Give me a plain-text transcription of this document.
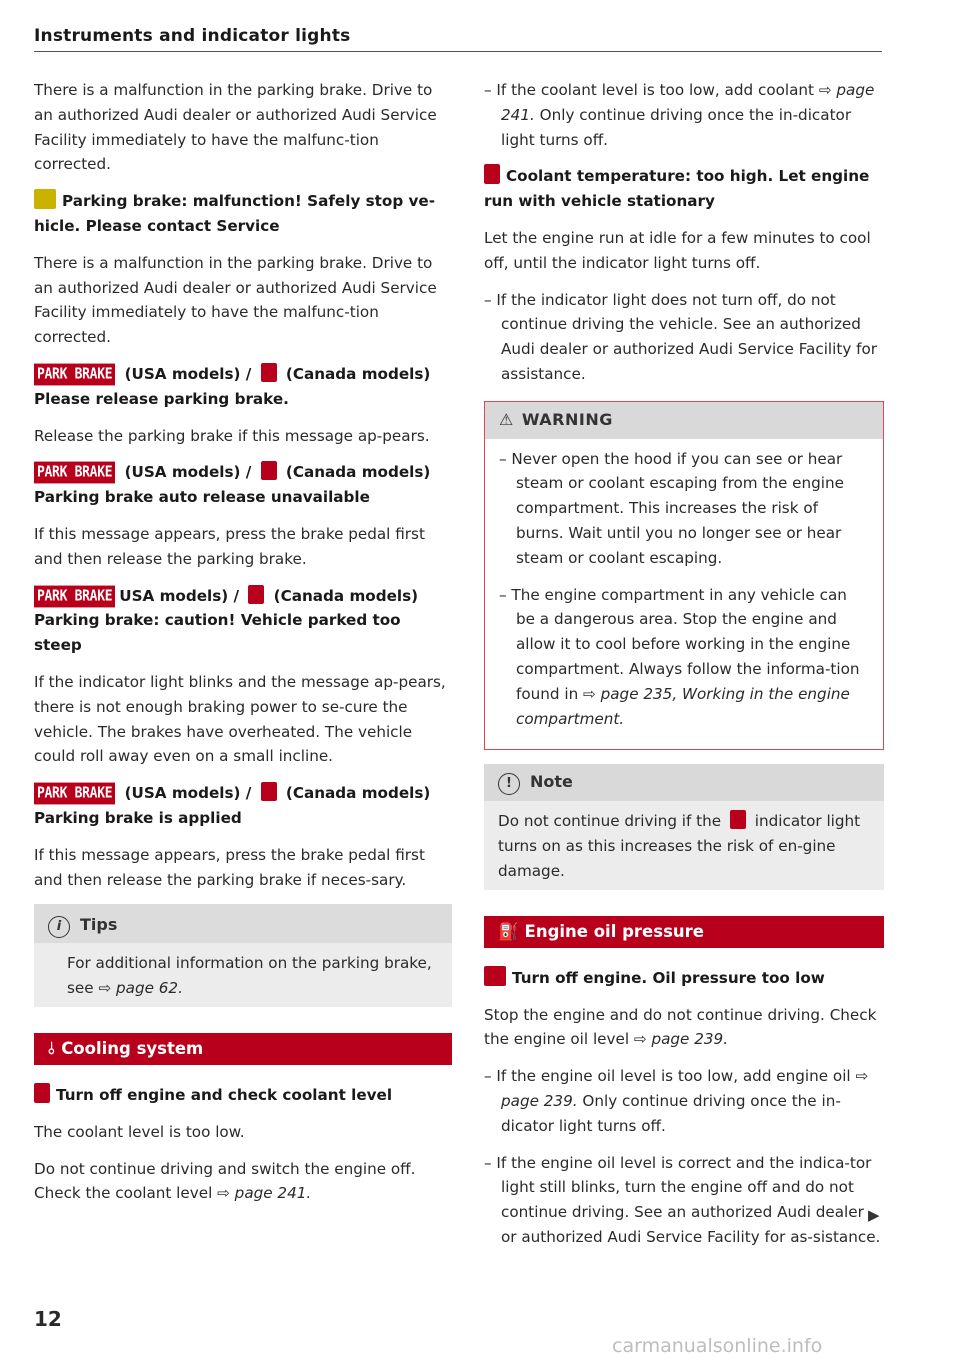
Instruments and indicator lights

There is a malfunction in the parking brake. Drive to an authorized Audi dealer or authorized Audi Service Facility immediately to have the malfunc-tion corrected.

Parking brake: malfunction! Safely stop ve-hicle. Please contact Service

There is a malfunction in the parking brake. Drive to an authorized Audi dealer or authorized Audi Service Facility immediately to have the malfunc-tion corrected.

PARK BRAKE (USA models) / (Canada models)
Please release parking brake.

Release the parking brake if this message ap-pears.

PARK BRAKE (USA models) / (Canada models)
Parking brake auto release unavailable

If this message appears, press the brake pedal first and then release the parking brake.

PARK BRAKE USA models) / (Canada models)
Parking brake: caution! Vehicle parked too steep

If the indicator light blinks and the message ap-pears, there is not enough braking power to se-cure the vehicle. The brakes have overheated. The vehicle could roll away even on a small incline.

PARK BRAKE (USA models) / (Canada models)
Parking brake is applied

If this message appears, press the brake pedal first and then release the parking brake if neces-sary.

i Tips
For additional information on the parking brake, see ⇨ page 62.
⫰ Cooling system
Turn off engine and check coolant level

The coolant level is too low.

Do not continue driving and switch the engine off. Check the coolant level ⇨ page 241.

– If the coolant level is too low, add coolant ⇨ page 241. Only continue driving once the in-dicator light turns off.

Coolant temperature: too high. Let engine run with vehicle stationary

Let the engine run at idle for a few minutes to cool off, until the indicator light turns off.

– If the indicator light does not turn off, do not continue driving the vehicle. See an authorized Audi dealer or authorized Audi Service Facility for assistance.

⚠ WARNING

– Never open the hood if you can see or hear steam or coolant escaping from the engine compartment. This increases the risk of burns. Wait until you no longer see or hear steam or coolant escaping.

– The engine compartment in any vehicle can be a dangerous area. Stop the engine and allow it to cool before working in the engine compartment. Always follow the informa-tion found in ⇨ page 235, Working in the engine compartment.

! Note
Do not continue driving if the indicator light turns on as this increases the risk of en-gine damage.
⛽ Engine oil pressure
Turn off engine. Oil pressure too low

Stop the engine and do not continue driving. Check the engine oil level ⇨ page 239.

– If the engine oil level is too low, add engine oil ⇨ page 239. Only continue driving once the in-dicator light turns off.

– If the engine oil level is correct and the indica-tor light still blinks, turn the engine off and do not continue driving. See an authorized Audi dealer or authorized Audi Service Facility for as-sistance.

▶
12
carmanualsonline.info
